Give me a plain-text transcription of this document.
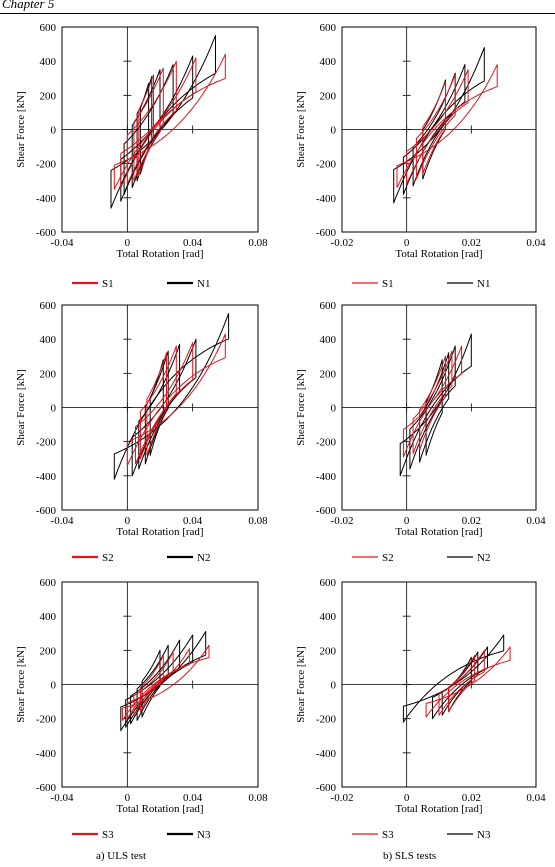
Chapter 5
-600
-400
-200
0
200
400
600
-0.04	0	0.04	0.08
Total Rotation [rad]
Shear Force [kN]
S1	N1
-600
-400
-200
0
200
400
600
-0.02	0	0.02	0.04
Total Rotation [rad]
Shear Force [kN]
S1	N1
-600
-400
-200
0
200
400
600
-0.04	0	0.04	0.08
Total Rotation [rad]
Shear Force [kN]
S2	N2
-600
-400
-200
0
200
400
600
-0.02	0	0.02	0.04
Total Rotation [rad]
Shear Force [kN]
S2	N2
-600
-400
-200
0
200
400
600
-0.04	0	0.04	0.08
Total Rotation [rad]
Shear Force [kN]
S3	N3
-600
-400
-200
0
200
400
600
-0.02	0	0.02	0.04
Total Rotation [rad]
Shear Force [kN]
S3	N3
a) ULS test	b) SLS tests
